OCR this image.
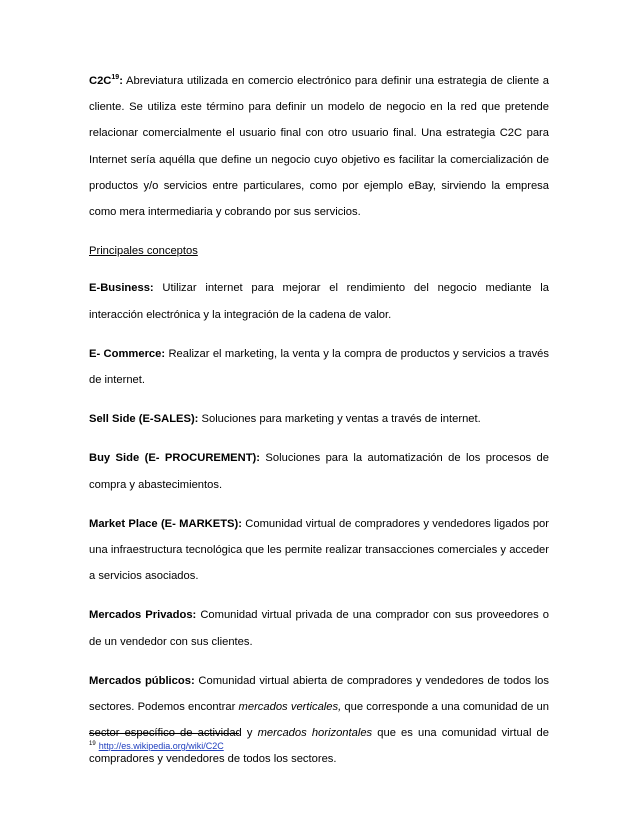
$C2C^{19}$: Abreviatura utilizada en comercio electrónico para definir una estrategia de cliente a cliente. Se utiliza este término para definir un modelo de negocio en la red que pretende relacionar comercialmente el usuario final con otro usuario final. Una estrategia C2C para Internet sería aquélla que define un negocio cuyo objetivo es facilitar la comercialización de productos y/o servicios entre particulares, como por ejemplo eBay, sirviendo la empresa como mera intermediaria y cobrando por sus servicios.

Principales conceptos

E-Business: Utilizar internet para mejorar el rendimiento del negocio mediante la interacción electrónica y la integración de la cadena de valor.

E- Commerce: Realizar el marketing, la venta y la compra de productos y servicios a través de internet.

Sell Side (E-SALES): Soluciones para marketing y ventas a través de internet.

Buy Side (E- PROCUREMENT): Soluciones para la automatización de los procesos de compra y abastecimientos.

Market Place (E- MARKETS): Comunidad virtual de compradores y vendedores ligados por una infraestructura tecnológica que les permite realizar transacciones comerciales y acceder a servicios asociados.

Mercados Privados: Comunidad virtual privada de una comprador con sus proveedores o de un vendedor con sus clientes.

Mercados públicos: Comunidad virtual abierta de compradores y vendedores de todos los sectores. Podemos encontrar mercados verticales, que corresponde a una comunidad de un sector específico de actividad y mercados horizontales que es una comunidad virtual de compradores y vendedores de todos los sectores.

$^{19}$ http://es.wikipedia.org/wiki/C2C
